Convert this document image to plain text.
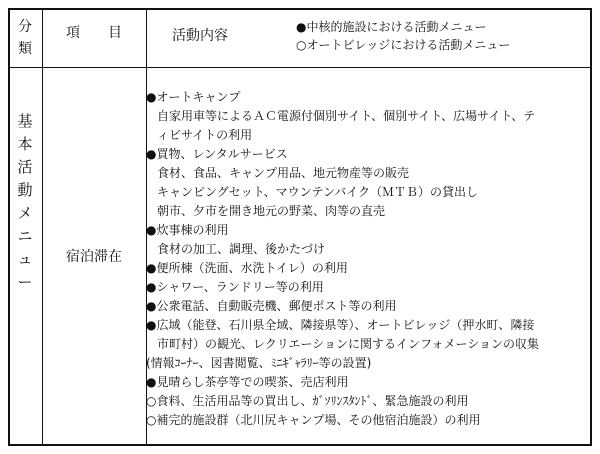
分
類
項 目	活動内容
●中核的施設における活動メニュー
○オートビレッジにおける活動メニュー
基
本
活
動
メ
ニ
ュ
ー
宿泊滞在
●オートキャンプ
自家用車等によるＡＣ電源付個別サイト、個別サイト、広場サイト、テ
ィビサイトの利用
●買物、レンタルサービス
食材、食品、キャンプ用品、地元物産等の販売
キャンピングセット、マウンテンバイク（ＭＴＢ）の貸出し
朝市、夕市を開き地元の野菜、肉等の直売
●炊事棟の利用
食材の加工、調理、後かたづけ
●便所棟（洗面、水洗トイレ）の利用
●シャワー、ランドリー等の利用
●公衆電話、自動販売機、郵便ポスト等の利用
●広域（能登、石川県全域、隣接県等）、オートビレッジ（押水町、隣接
市町村）の観光、レクリエーションに関するインフォメーションの収集
(情報ｺｰﾅｰ、図書閲覧、ﾐﾆｷﾞｬﾗﾘｰ等の設置)
●見晴らし茶亭等での喫茶、売店利用
○食料、生活用品等の買出し、ｶﾞｿﾘﾝｽﾀﾝﾄﾞ、緊急施設の利用
○補完的施設群（北川尻キャンプ場、その他宿泊施設）の利用
